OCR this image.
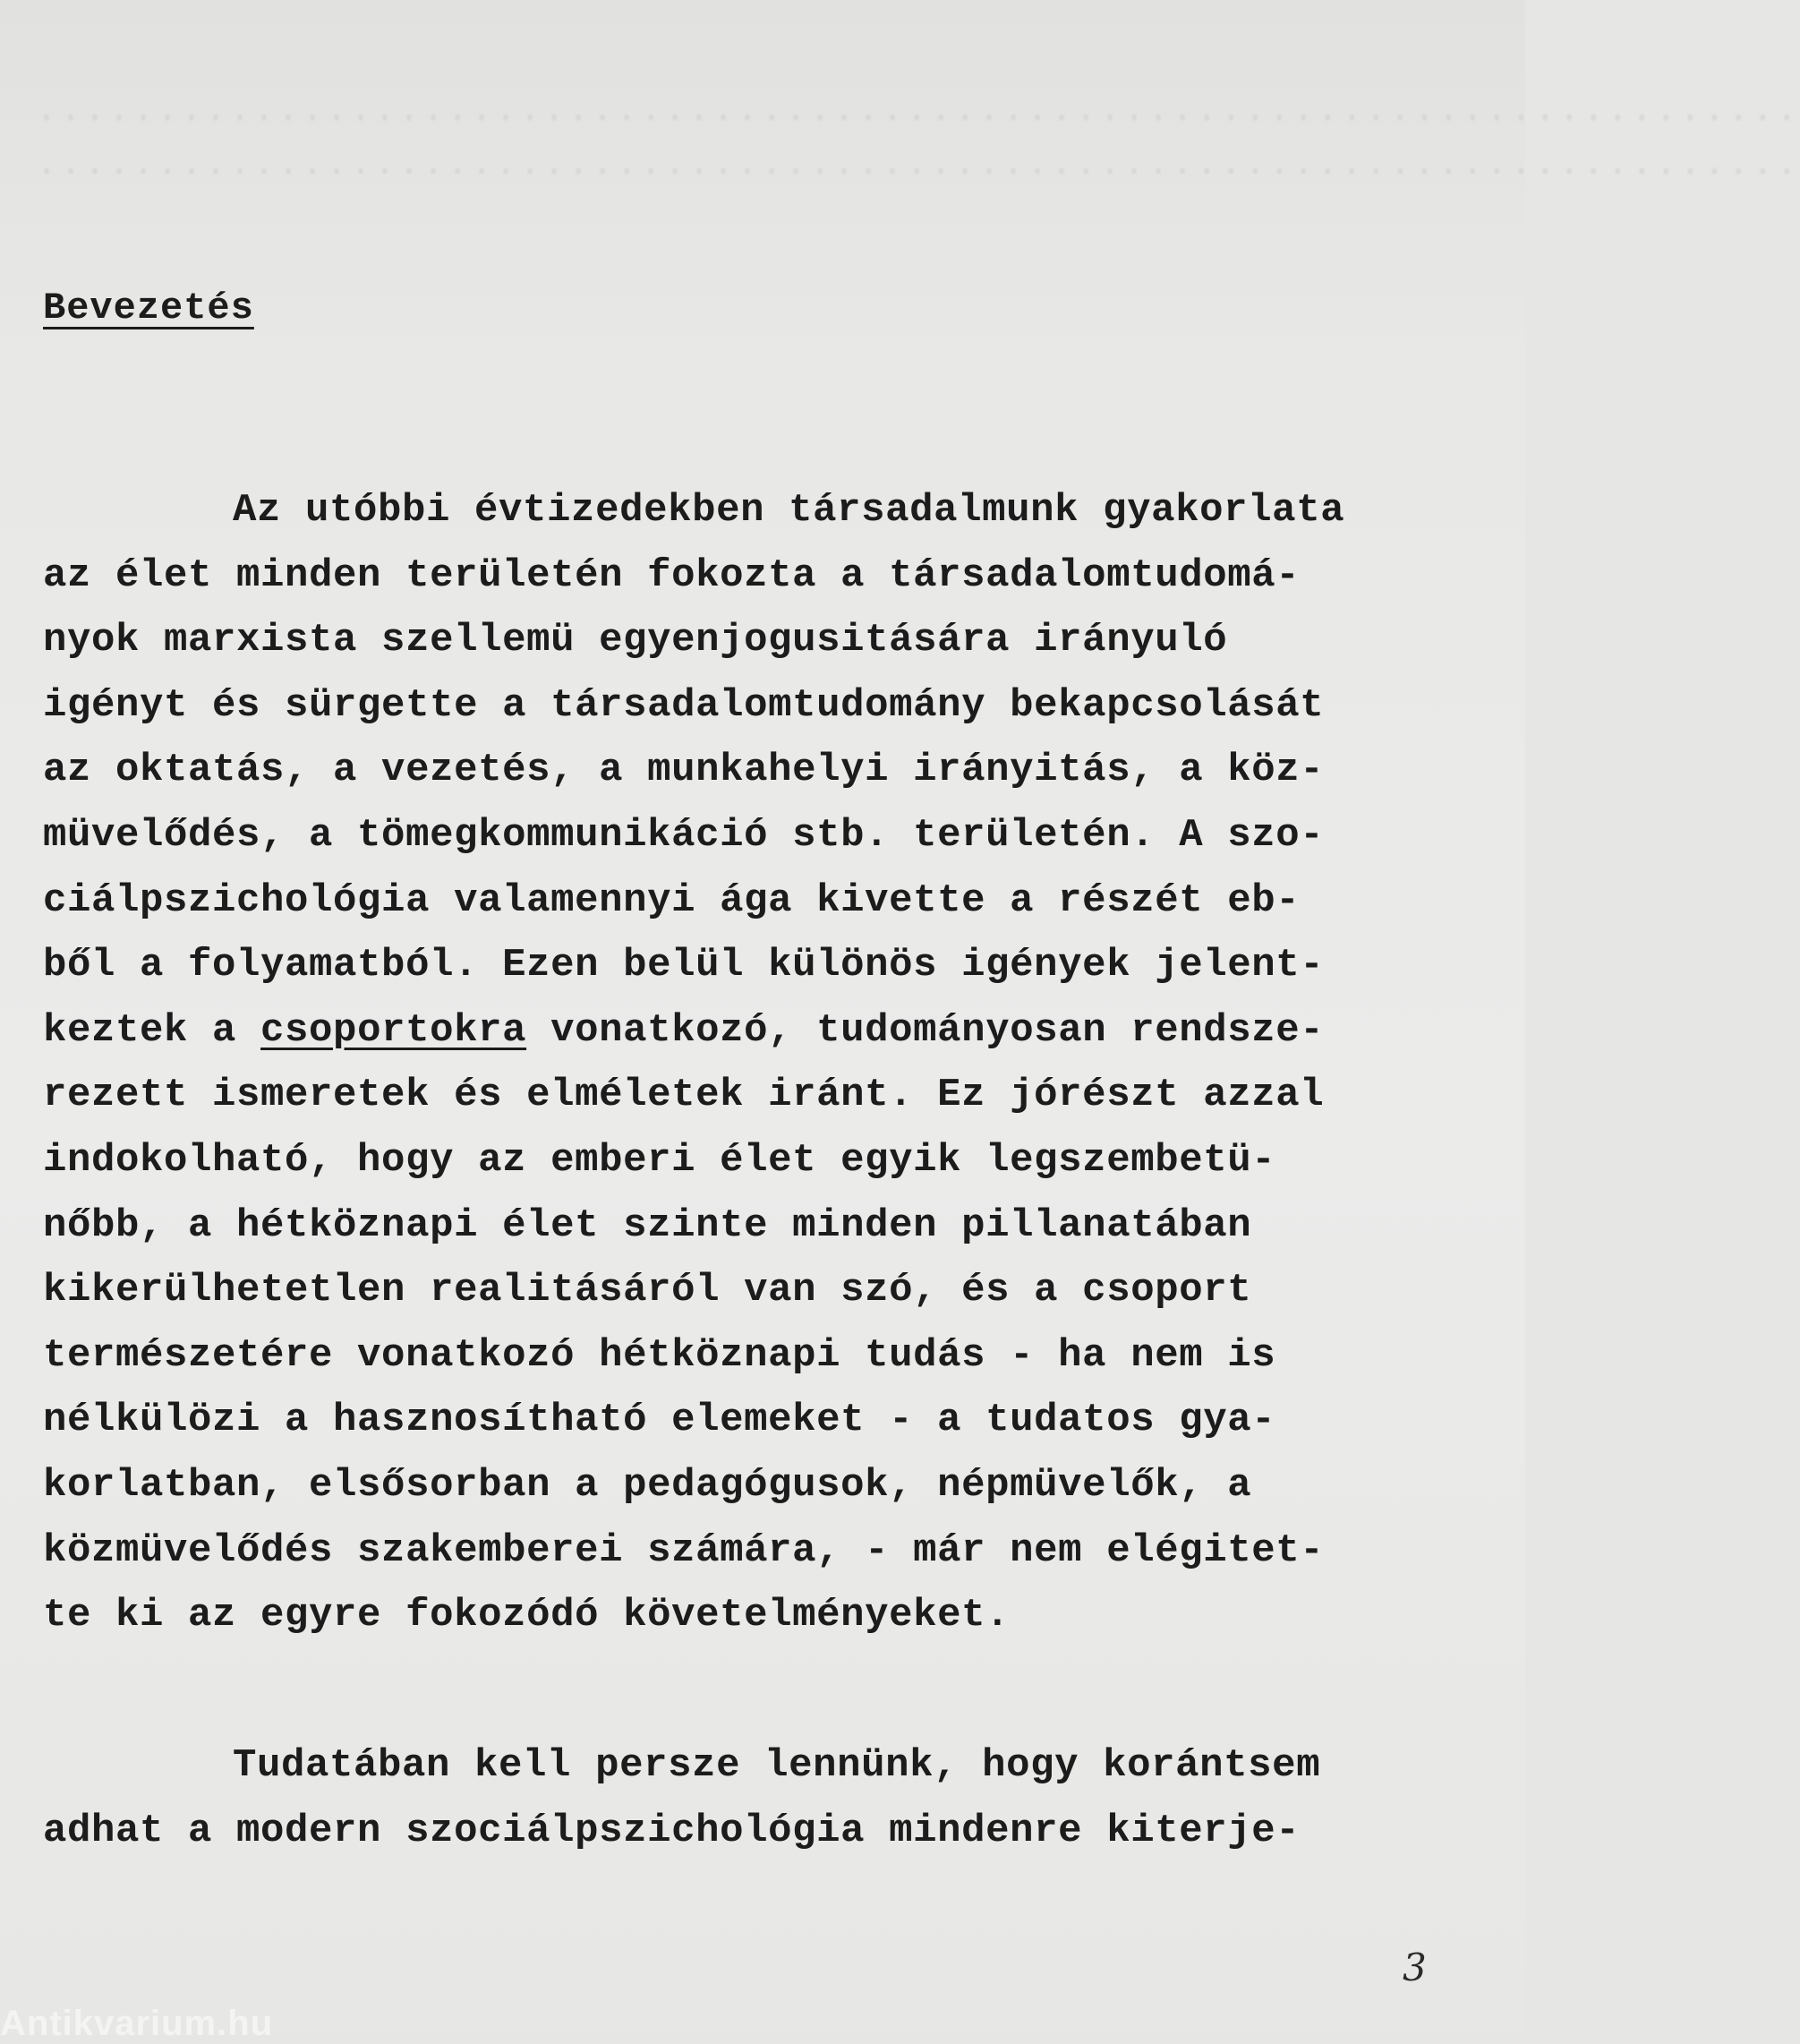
·········································································
·········································································
Bevezetés
Az utóbbi évtizedekben társadalmunk gyakorlata
az élet minden területén fokozta a társadalomtudomá-
nyok marxista szellemü egyenjogusitására irányuló
igényt és sürgette a társadalomtudomány bekapcsolását
az oktatás, a vezetés, a munkahelyi irányitás, a köz-
müvelődés, a tömegkommunikáció stb. területén. A szo-
ciálpszichológia valamennyi ága kivette a részét eb-
ből a folyamatból. Ezen belül különös igények jelent-
keztek a csoportokra vonatkozó, tudományosan rendsze-
rezett ismeretek és elméletek iránt. Ez jórészt azzal
indokolható, hogy az emberi élet egyik legszembetü-
nőbb, a hétköznapi élet szinte minden pillanatában
kikerülhetetlen realitásáról van szó, és a csoport
természetére vonatkozó hétköznapi tudás - ha nem is
nélkülözi a hasznosítható elemeket - a tudatos gya-
korlatban, elsősorban a pedagógusok, népmüvelők, a
közmüvelődés szakemberei számára, - már nem elégitet-
te ki az egyre fokozódó követelményeket.
Tudatában kell persze lennünk, hogy korántsem
adhat a modern szociálpszichológia mindenre kiterje-
3
Antikvarium.hu
